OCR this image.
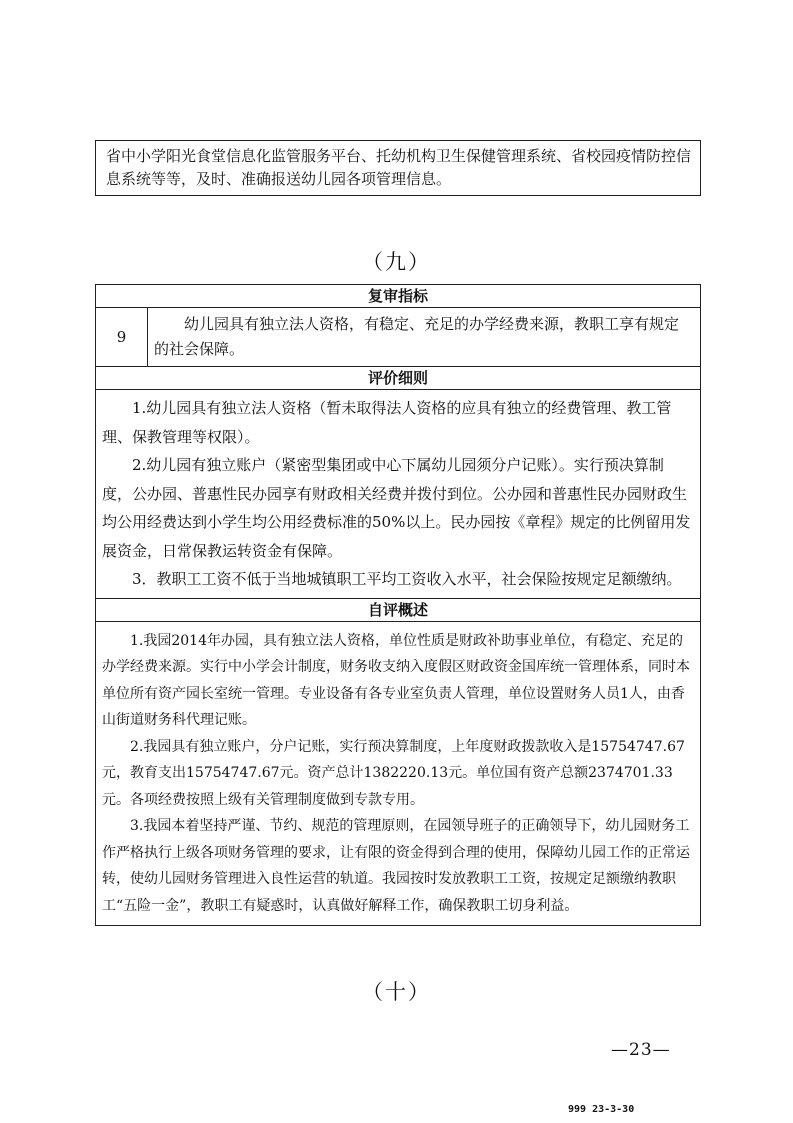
省中小学阳光食堂信息化监管服务平台、托幼机构卫生保健管理系统、省校园疫情防控信息系统等等，及时、准确报送幼儿园各项管理信息。
（九）
复审指标
9	

幼儿园具有独立法人资格，有稳定、充足的办学经费来源，教职工享有规定的社会保障。

评价细则

1.幼儿园具有独立法人资格（暂未取得法人资格的应具有独立的经费管理、教工管理、保教管理等权限）。

2.幼儿园有独立账户（紧密型集团或中心下属幼儿园须分户记账）。实行预决算制度，公办园、普惠性民办园享有财政相关经费并拨付到位。公办园和普惠性民办园财政生均公用经费达到小学生均公用经费标准的50%以上。民办园按《章程》规定的比例留用发展资金，日常保教运转资金有保障。

3．教职工工资不低于当地城镇职工平均工资收入水平，社会保险按规定足额缴纳。

自评概述

1.我园2014年办园，具有独立法人资格，单位性质是财政补助事业单位，有稳定、充足的办学经费来源。实行中小学会计制度，财务收支纳入度假区财政资金国库统一管理体系，同时本单位所有资产园长室统一管理。专业设备有各专业室负责人管理，单位设置财务人员1人，由香山街道财务科代理记账。

2.我园具有独立账户，分户记账，实行预决算制度，上年度财政拨款收入是15754747.67元，教育支出15754747.67元。资产总计1382220.13元。单位国有资产总额2374701.33元。各项经费按照上级有关管理制度做到专款专用。

3.我园本着坚持严谨、节约、规范的管理原则，在园领导班子的正确领导下，幼儿园财务工作严格执行上级各项财务管理的要求，让有限的资金得到合理的使用，保障幼儿园工作的正常运转，使幼儿园财务管理进入良性运营的轨道。我园按时发放教职工工资，按规定足额缴纳教职工“五险一金”，教职工有疑惑时，认真做好解释工作，确保教职工切身利益。

（十）
—23—
999 23-3-30
